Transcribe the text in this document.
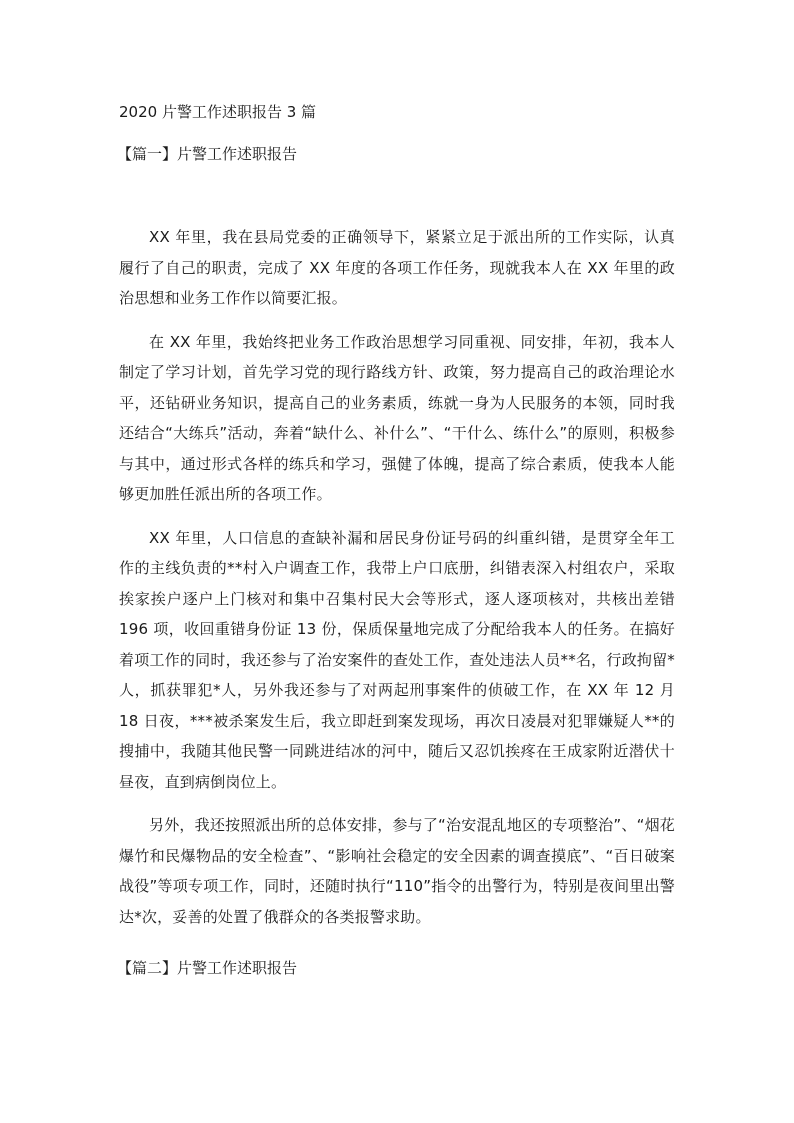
2020 片警工作述职报告 3 篇
【篇一】片警工作述职报告

XX 年里，我在县局党委的正确领导下，紧紧立足于派出所的工作实际，认真履行了自己的职责，完成了 XX 年度的各项工作任务，现就我本人在 XX 年里的政治思想和业务工作作以简要汇报。

在 XX 年里，我始终把业务工作政治思想学习同重视、同安排，年初，我本人制定了学习计划，首先学习党的现行路线方针、政策，努力提高自己的政治理论水平，还钻研业务知识，提高自己的业务素质，练就一身为人民服务的本领，同时我还结合“大练兵”活动，奔着“缺什么、补什么”、“干什么、练什么”的原则，积极参与其中，通过形式各样的练兵和学习，强健了体魄，提高了综合素质，使我本人能够更加胜任派出所的各项工作。

XX 年里，人口信息的查缺补漏和居民身份证号码的纠重纠错，是贯穿全年工作的主线负责的**村入户调查工作，我带上户口底册，纠错表深入村组农户，采取挨家挨户逐户上门核对和集中召集村民大会等形式，逐人逐项核对，共核出差错 196 项，收回重错身份证 13 份，保质保量地完成了分配给我本人的任务。在搞好着项工作的同时，我还参与了治安案件的查处工作，查处违法人员**名，行政拘留*人，抓获罪犯*人，另外我还参与了对两起刑事案件的侦破工作，在 XX 年 12 月 18 日夜，***被杀案发生后，我立即赶到案发现场，再次日凌晨对犯罪嫌疑人**的搜捕中，我随其他民警一同跳进结冰的河中，随后又忍饥挨疼在王成家附近潜伏十昼夜，直到病倒岗位上。

另外，我还按照派出所的总体安排，参与了“治安混乱地区的专项整治”、“烟花爆竹和民爆物品的安全检查”、“影响社会稳定的安全因素的调查摸底”、“百日破案战役”等项专项工作，同时，还随时执行“110”指令的出警行为，特别是夜间里出警达*次，妥善的处置了俄群众的各类报警求助。

【篇二】片警工作述职报告
